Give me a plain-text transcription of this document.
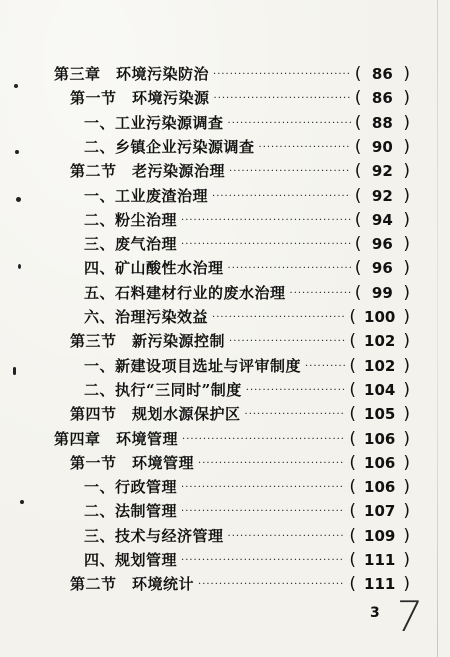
第三章　环境污染防治 ·····	( 86 )
第一节　环境污染源 ·····	( 86 )
一、工业污染源调查 ·····	( 88 )
二、乡镇企业污染源调查 ·····	( 90 )
第二节　老污染源治理 ·····	( 92 )
一、工业废渣治理 ·····	( 92 )
二、粉尘治理 ·····	( 94 )
三、废气治理 ·····	( 96 )
四、矿山酸性水治理 ·····	( 96 )
五、石料建材行业的废水治理 ·····	( 99 )
六、治理污染效益 ·····	( 100 )
第三节　新污染源控制 ·····	( 102 )
一、新建设项目选址与评审制度 ·····	( 102 )
二、执行“三同时”制度 ·····	( 104 )
第四节　规划水源保护区 ·····	( 105 )
第四章　环境管理 ·····	( 106 )
第一节　环境管理 ·····	( 106 )
一、行政管理 ·····	( 106 )
二、法制管理 ·····	( 107 )
三、技术与经济管理 ·····	( 109 )
四、规划管理 ·····	( 111 )
第二节　环境统计 ·····	( 111 )
3 7
